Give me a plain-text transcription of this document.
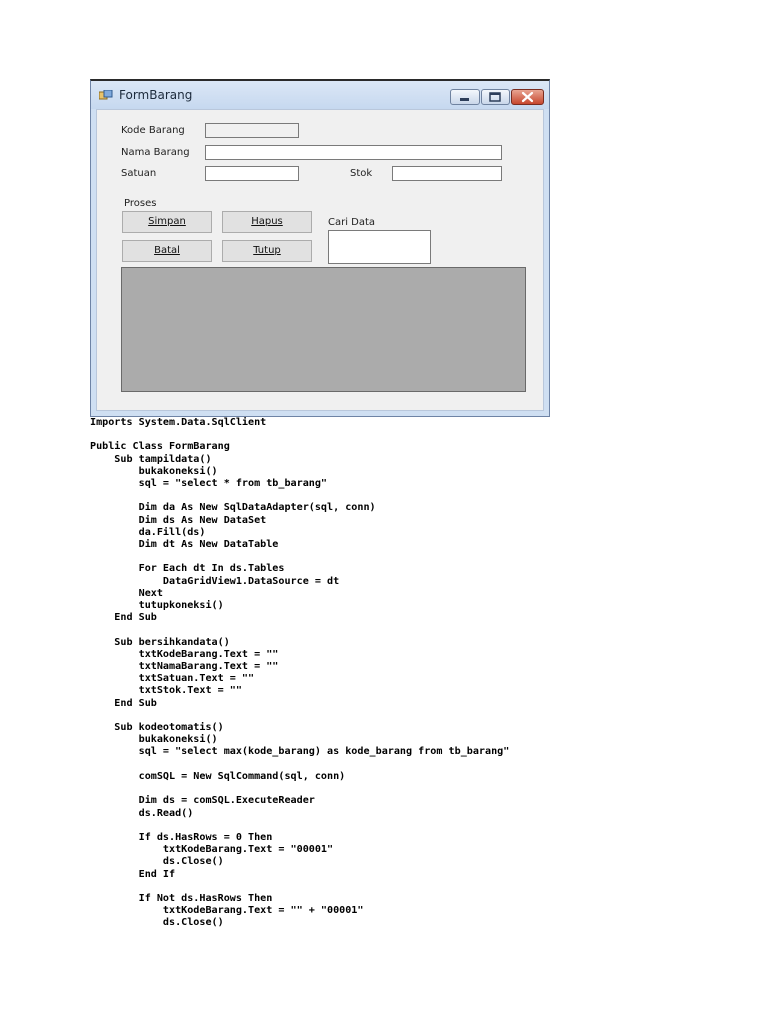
FormBarang
Kode Barang
Nama Barang
Satuan	Stok
Proses
Simpan	Hapus	Cari Data
Batal	Tutup
Imports System.Data.SqlClient

Public Class FormBarang
Sub tampildata()
bukakoneksi()
sql = "select * from tb_barang"

Dim da As New SqlDataAdapter(sql, conn)
Dim ds As New DataSet
da.Fill(ds)
Dim dt As New DataTable

For Each dt In ds.Tables
DataGridView1.DataSource = dt
Next
tutupkoneksi()
End Sub

Sub bersihkandata()
txtKodeBarang.Text = ""
txtNamaBarang.Text = ""
txtSatuan.Text = ""
txtStok.Text = ""
End Sub

Sub kodeotomatis()
bukakoneksi()
sql = "select max(kode_barang) as kode_barang from tb_barang"

comSQL = New SqlCommand(sql, conn)

Dim ds = comSQL.ExecuteReader
ds.Read()

If ds.HasRows = 0 Then
txtKodeBarang.Text = "00001"
ds.Close()
End If

If Not ds.HasRows Then
txtKodeBarang.Text = "" + "00001"
ds.Close()
